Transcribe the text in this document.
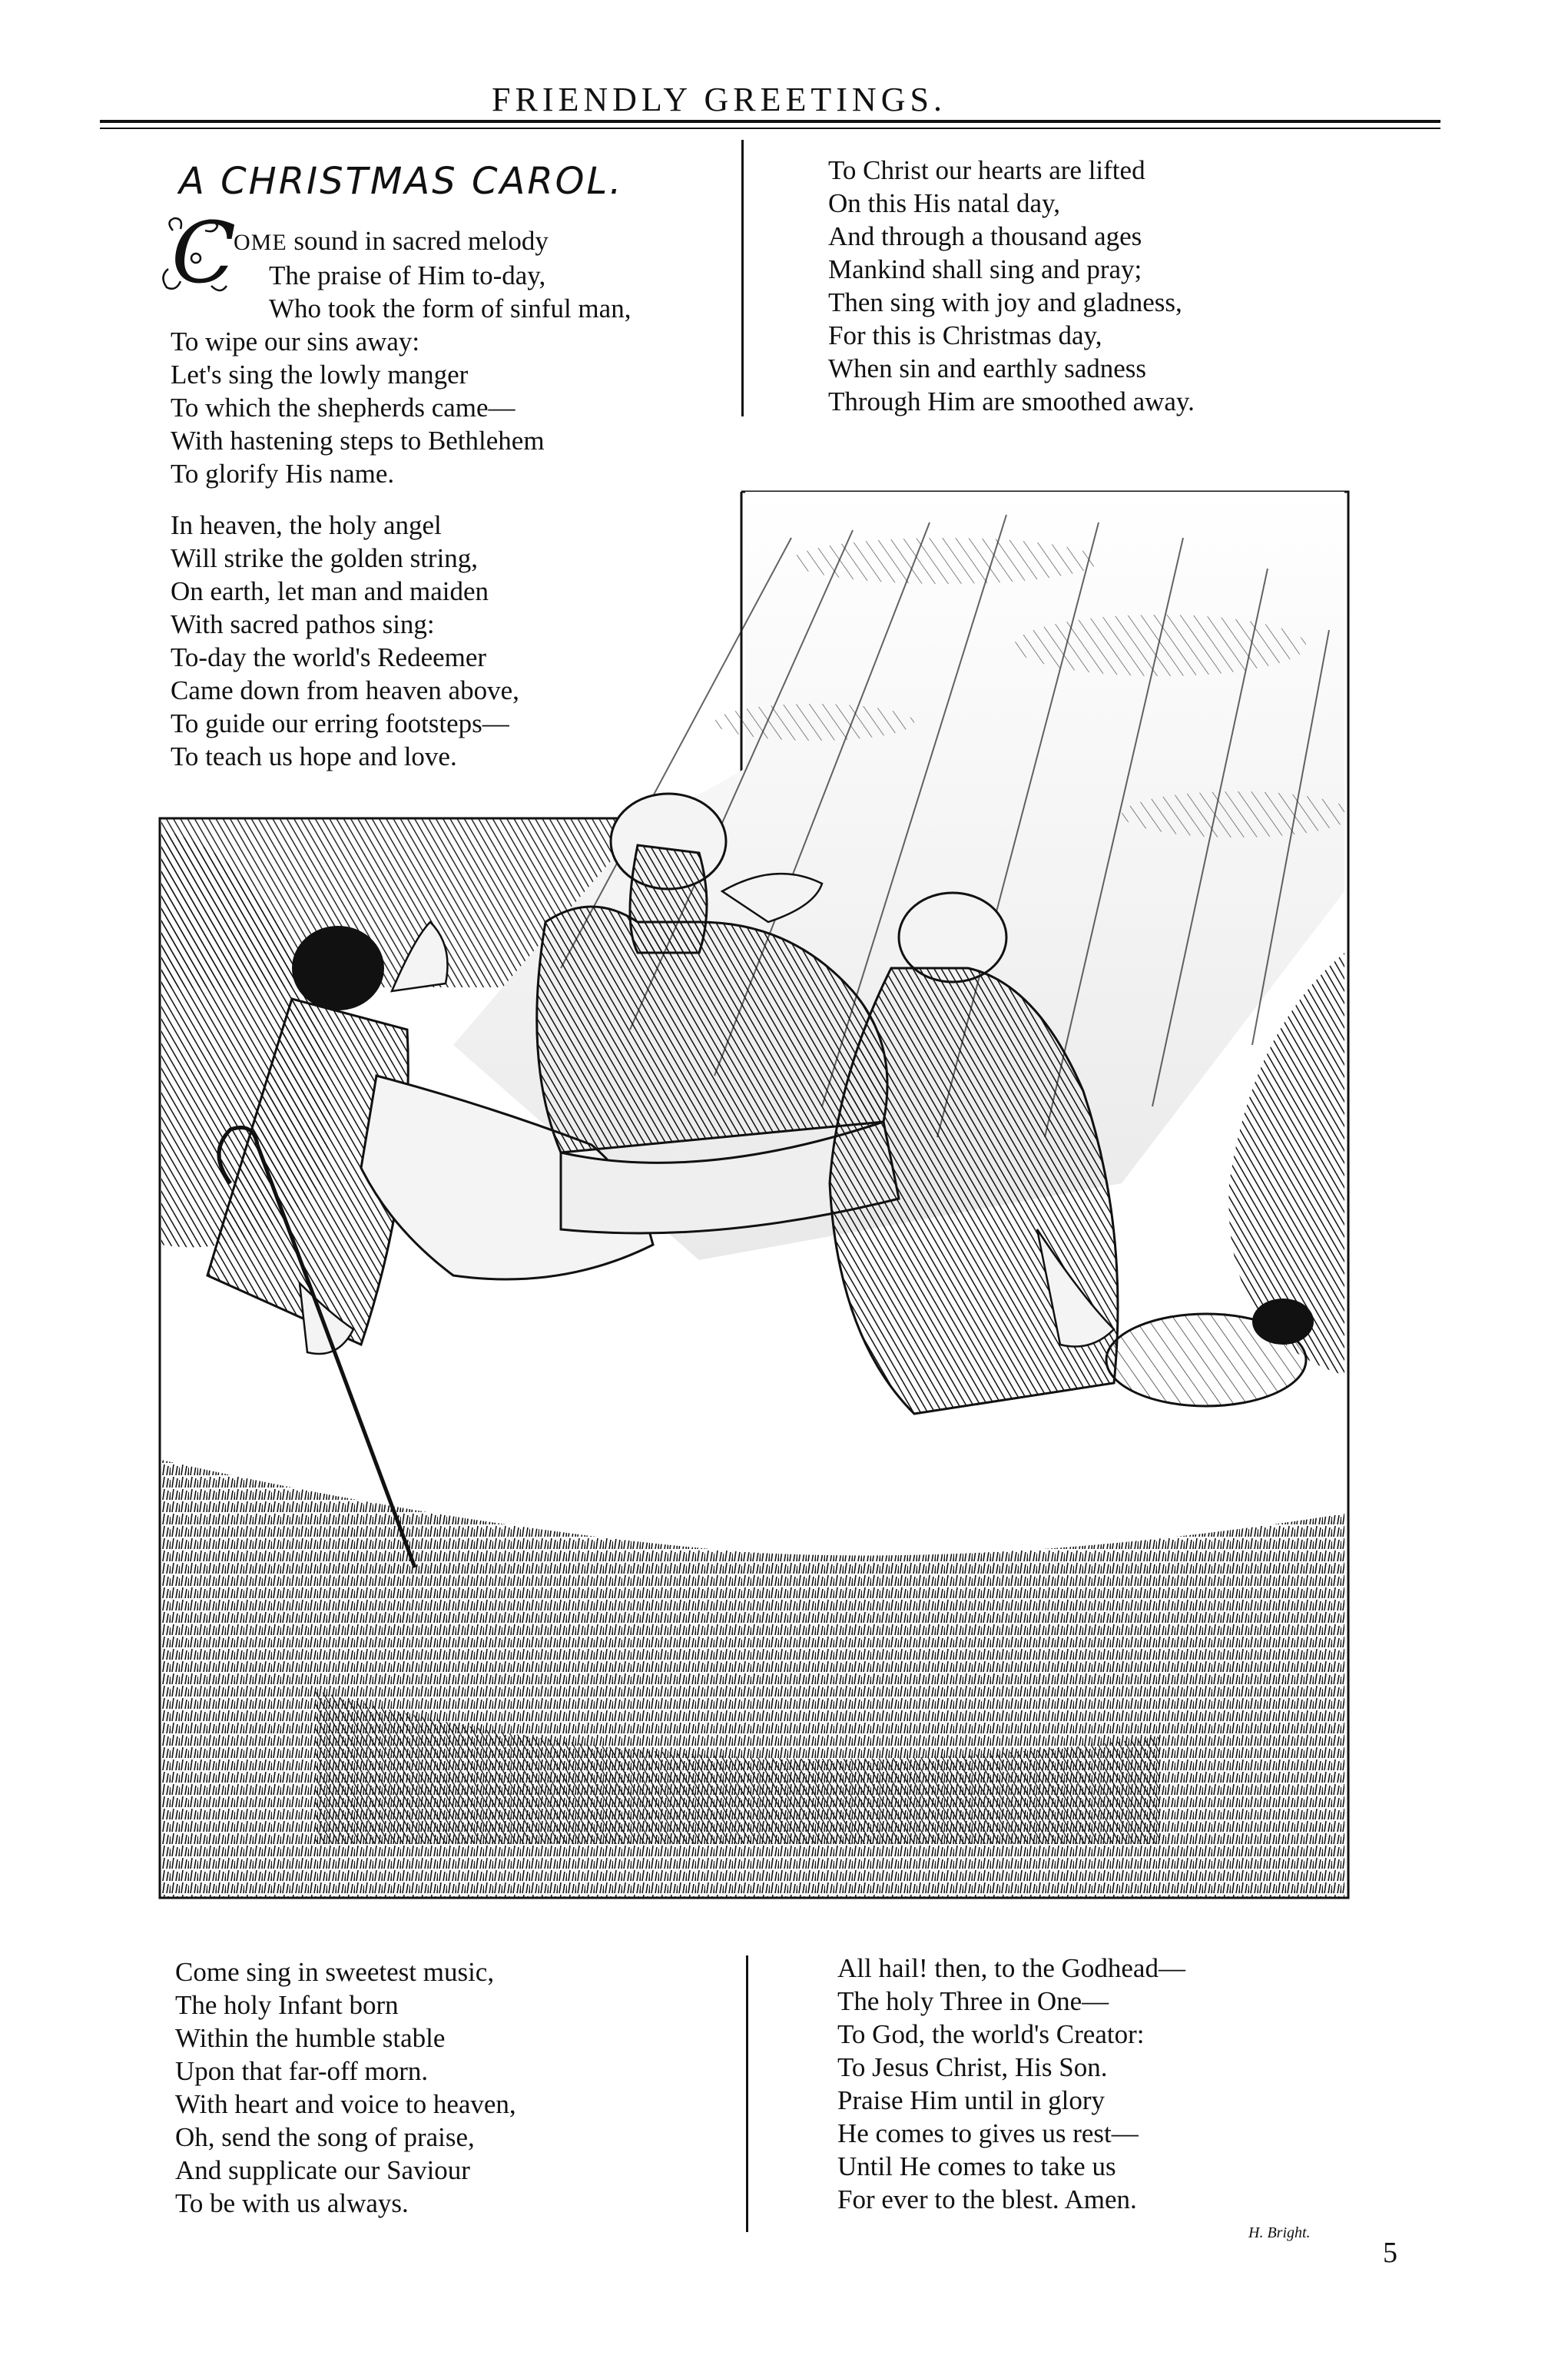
FRIENDLY GREETINGS.
A CHRISTMAS CAROL.
C
OME sound in sacred melody
The praise of Him to-day,
Who took the form of sinful man,
To wipe our sins away:
Let's sing the lowly manger
To which the shepherds came—
With hastening steps to Bethlehem
To glorify His name.
In heaven, the holy angel
Will strike the golden string,
On earth, let man and maiden
With sacred pathos sing:
To-day the world's Redeemer
Came down from heaven above,
To guide our erring footsteps—
To teach us hope and love.
To Christ our hearts are lifted
On this His natal day,
And through a thousand ages
Mankind shall sing and pray;
Then sing with joy and gladness,
For this is Christmas day,
When sin and earthly sadness
Through Him are smoothed away.
Come sing in sweetest music,
The holy Infant born
Within the humble stable
Upon that far-off morn.
With heart and voice to heaven,
Oh, send the song of praise,
And supplicate our Saviour
To be with us always.
All hail! then, to the Godhead—
The holy Three in One—
To God, the world's Creator:
To Jesus Christ, His Son.
Praise Him until in glory
He comes to gives us rest—
Until He comes to take us
For ever to the blest. Amen.
H. Bright.
5
